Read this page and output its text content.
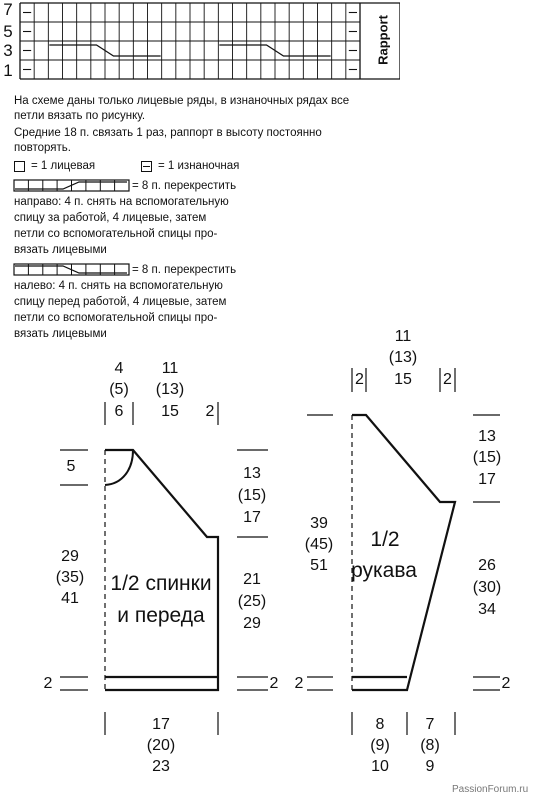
7
5
3
1
Rapport
На схеме даны только лицевые ряды, в изнаночных рядах все
петли вязать по рисунку.
Средние 18 п. связать 1 раз, раппорт в высоту постоянно
повторять.
= 1 лицевая	= 1 изнаночная
= 8 п. перекрестить
направо: 4 п. снять на вспомогательную
спицу за работой, 4 лицевые, затем
петли со вспомогательной спицы про-
вязать лицевыми
= 8 п. перекрестить
налево: 4 п. снять на вспомогательную
спицу перед работой, 4 лицевые, затем
петли со вспомогательной спицы про-
вязать лицевыми
4
(5)
6
11
(13)
15	2
5
29
(35)
41
13
(15)
17
21
(25)
29
1/2 спинки
и переда
2	2
17
(20)
23
11
(13)
15
2	2
39
(45)
51
1/2
рукава
13
(15)
17
26
(30)
34
2	2
8
(9)
10
7
(8)
9
PassionForum.ru
